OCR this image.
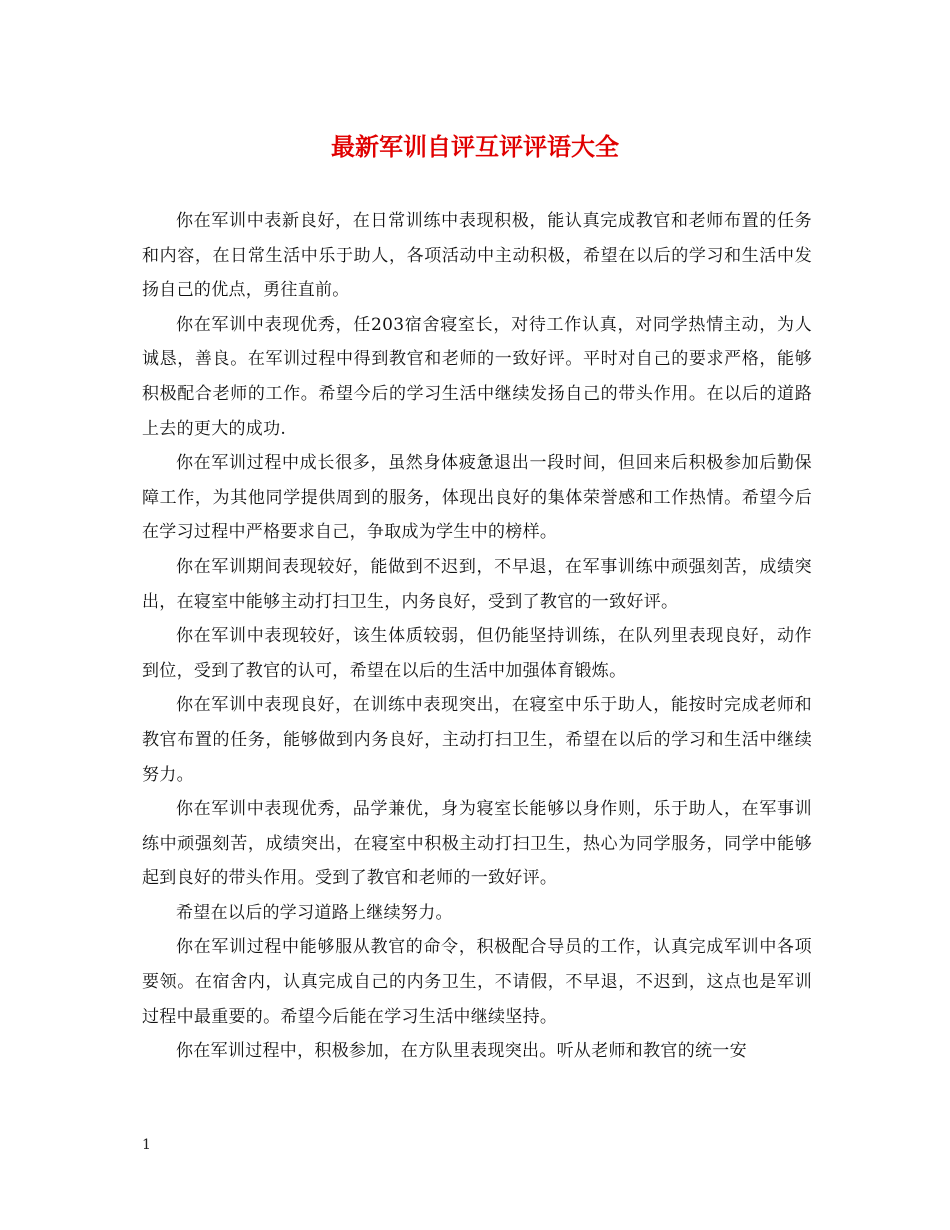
最新军训自评互评评语大全

你在军训中表新良好，在日常训练中表现积极，能认真完成教官和老师布置的任务和内容，在日常生活中乐于助人，各项活动中主动积极，希望在以后的学习和生活中发扬自己的优点，勇往直前。

你在军训中表现优秀，任203宿舍寝室长，对待工作认真，对同学热情主动，为人诚恳，善良。在军训过程中得到教官和老师的一致好评。平时对自己的要求严格，能够积极配合老师的工作。希望今后的学习生活中继续发扬自己的带头作用。在以后的道路上去的更大的成功.

你在军训过程中成长很多，虽然身体疲惫退出一段时间，但回来后积极参加后勤保障工作，为其他同学提供周到的服务，体现出良好的集体荣誉感和工作热情。希望今后在学习过程中严格要求自己，争取成为学生中的榜样。

你在军训期间表现较好，能做到不迟到，不早退，在军事训练中顽强刻苦，成绩突出，在寝室中能够主动打扫卫生，内务良好，受到了教官的一致好评。

你在军训中表现较好，该生体质较弱，但仍能坚持训练，在队列里表现良好，动作到位，受到了教官的认可，希望在以后的生活中加强体育锻炼。

你在军训中表现良好，在训练中表现突出，在寝室中乐于助人，能按时完成老师和教官布置的任务，能够做到内务良好，主动打扫卫生，希望在以后的学习和生活中继续努力。

你在军训中表现优秀，品学兼优，身为寝室长能够以身作则，乐于助人，在军事训练中顽强刻苦，成绩突出，在寝室中积极主动打扫卫生，热心为同学服务，同学中能够起到良好的带头作用。受到了教官和老师的一致好评。

希望在以后的学习道路上继续努力。

你在军训过程中能够服从教官的命令，积极配合导员的工作，认真完成军训中各项要领。在宿舍内，认真完成自己的内务卫生，不请假，不早退，不迟到，这点也是军训过程中最重要的。希望今后能在学习生活中继续坚持。

你在军训过程中，积极参加，在方队里表现突出。听从老师和教官的统一安

1
